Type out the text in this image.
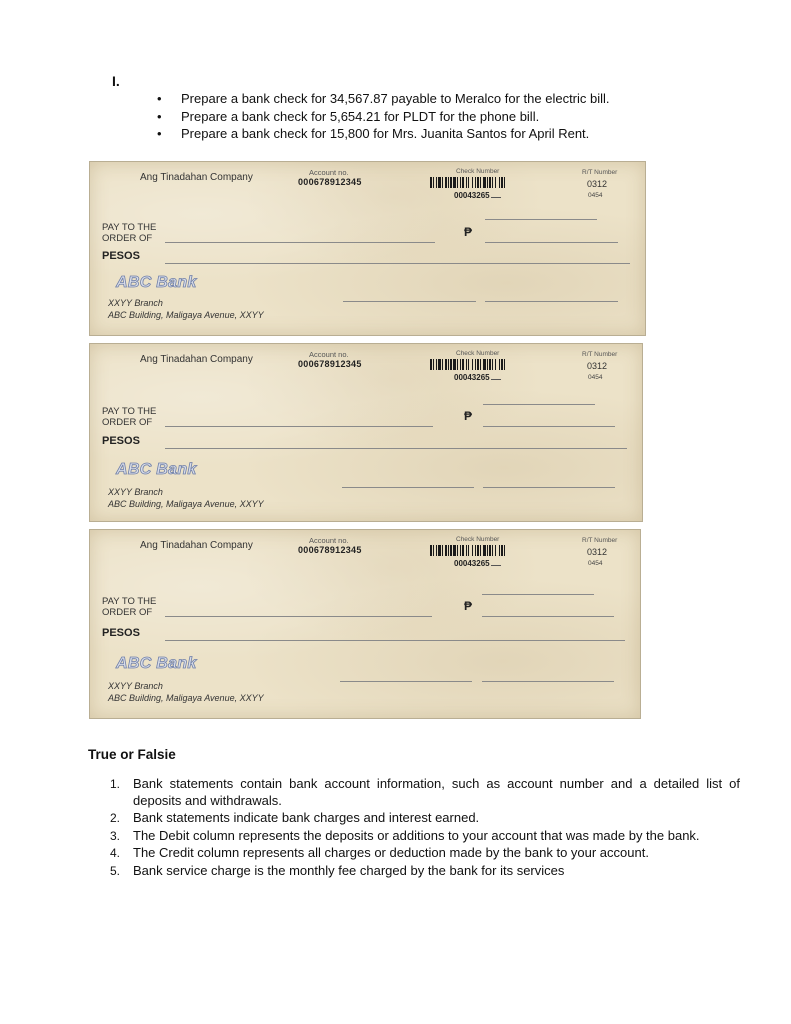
I.
• Prepare a bank check for 34,567.87 payable to Meralco for the electric bill.
• Prepare a bank check for 5,654.21 for PLDT for the phone bill.
• Prepare a bank check for 15,800 for Mrs. Juanita Santos for April Rent.
Ang Tinadahan Company	Account no.
000678912345
Check Number
00043265
R/T Number
0312
0454
PAY TO THE
ORDER OF	₱
PESOS
ABC Bank
XXYY Branch
ABC Building, Maligaya Avenue, XXYY
Ang Tinadahan Company	Account no.
000678912345
Check Number
00043265
R/T Number
0312
0454
PAY TO THE
ORDER OF	₱
PESOS
ABC Bank
XXYY Branch
ABC Building, Maligaya Avenue, XXYY
Ang Tinadahan Company	Account no.
000678912345
Check Number
00043265
R/T Number
0312
0454
PAY TO THE
ORDER OF	₱
PESOS
ABC Bank
XXYY Branch
ABC Building, Maligaya Avenue, XXYY
True or Falsie
1. Bank statements contain bank account information, such as account number and a detailed list of deposits and withdrawals.
2. Bank statements indicate bank charges and interest earned.
3. The Debit column represents the deposits or additions to your account that was made by the bank.
4. The Credit column represents all charges or deduction made by the bank to your account.
5. Bank service charge is the monthly fee charged by the bank for its services
